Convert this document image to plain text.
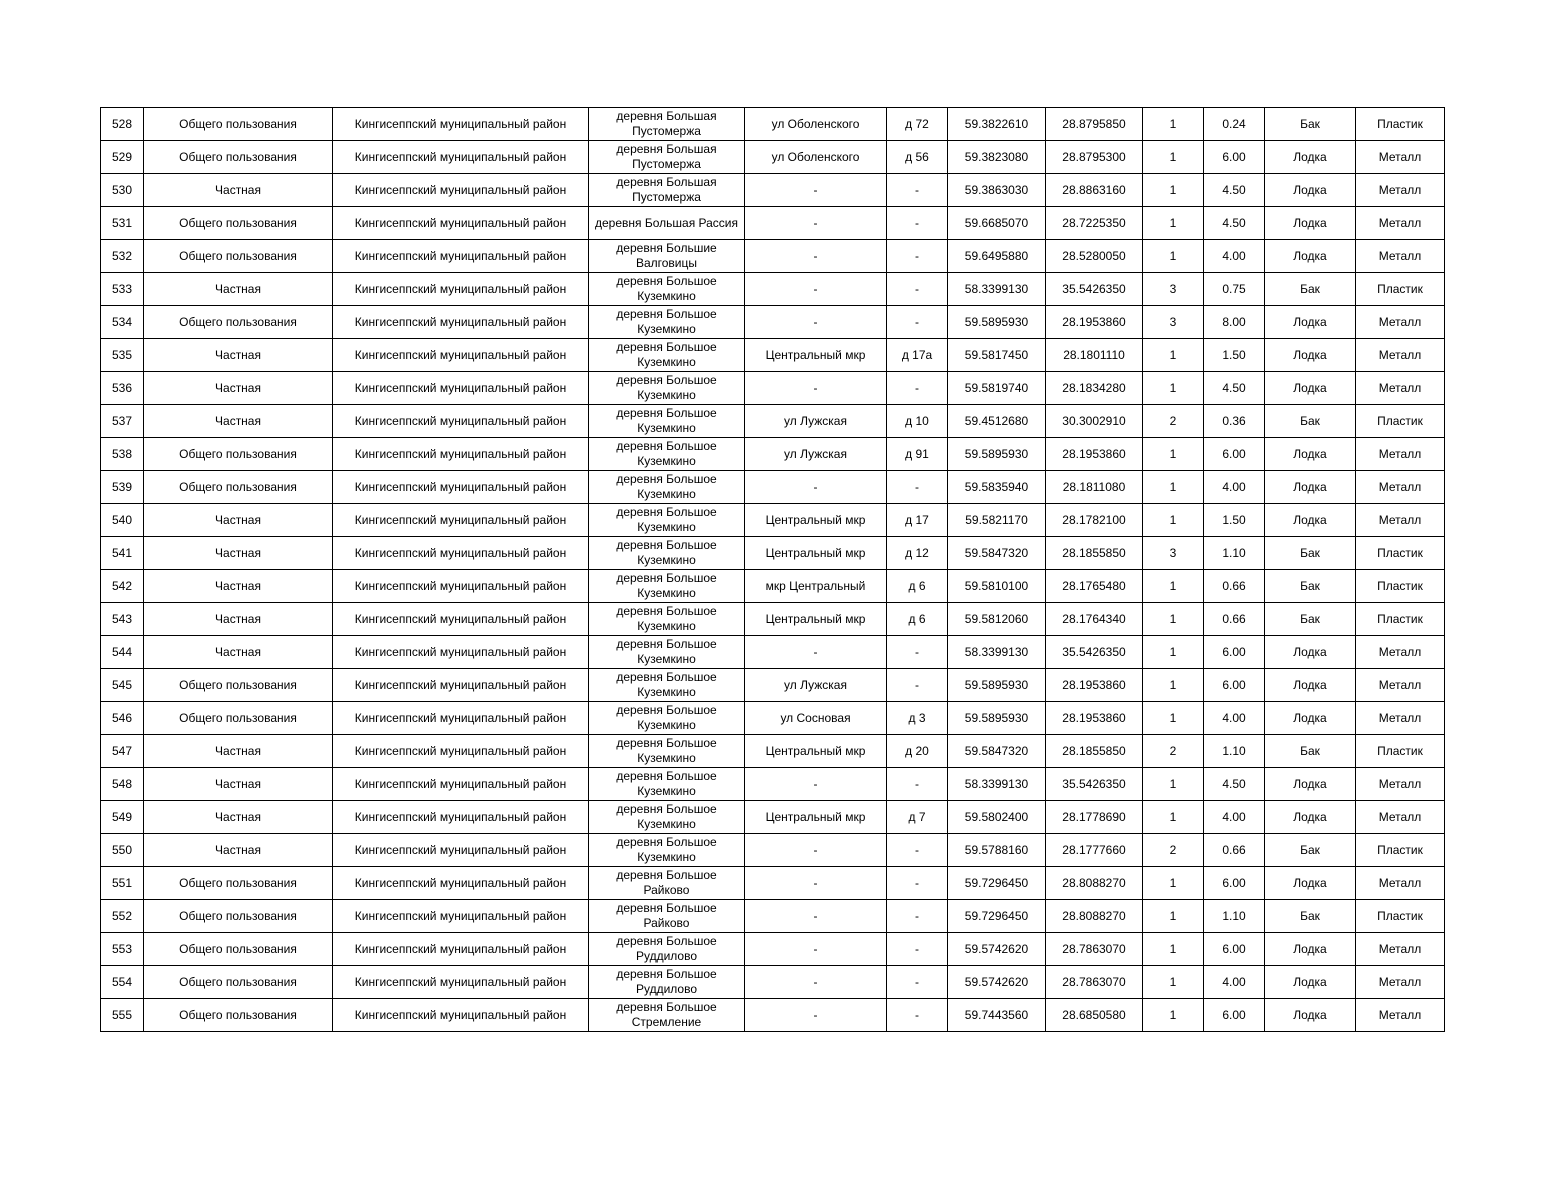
528	Общего пользования	Кингисеппский муниципальный район	деревня Большая Пустомержа	ул Оболенского	д 72	59.3822610	28.8795850	1	0.24	Бак	Пластик
529	Общего пользования	Кингисеппский муниципальный район	деревня Большая Пустомержа	ул Оболенского	д 56	59.3823080	28.8795300	1	6.00	Лодка	Металл
530	Частная	Кингисеппский муниципальный район	деревня Большая Пустомержа	-	-	59.3863030	28.8863160	1	4.50	Лодка	Металл
531	Общего пользования	Кингисеппский муниципальный район	деревня Большая Рассия	-	-	59.6685070	28.7225350	1	4.50	Лодка	Металл
532	Общего пользования	Кингисеппский муниципальный район	деревня Большие Валговицы	-	-	59.6495880	28.5280050	1	4.00	Лодка	Металл
533	Частная	Кингисеппский муниципальный район	деревня Большое Куземкино	-	-	58.3399130	35.5426350	3	0.75	Бак	Пластик
534	Общего пользования	Кингисеппский муниципальный район	деревня Большое Куземкино	-	-	59.5895930	28.1953860	3	8.00	Лодка	Металл
535	Частная	Кингисеппский муниципальный район	деревня Большое Куземкино	Центральный мкр	д 17а	59.5817450	28.1801110	1	1.50	Лодка	Металл
536	Частная	Кингисеппский муниципальный район	деревня Большое Куземкино	-	-	59.5819740	28.1834280	1	4.50	Лодка	Металл
537	Частная	Кингисеппский муниципальный район	деревня Большое Куземкино	ул Лужская	д 10	59.4512680	30.3002910	2	0.36	Бак	Пластик
538	Общего пользования	Кингисеппский муниципальный район	деревня Большое Куземкино	ул Лужская	д 91	59.5895930	28.1953860	1	6.00	Лодка	Металл
539	Общего пользования	Кингисеппский муниципальный район	деревня Большое Куземкино	-	-	59.5835940	28.1811080	1	4.00	Лодка	Металл
540	Частная	Кингисеппский муниципальный район	деревня Большое Куземкино	Центральный мкр	д 17	59.5821170	28.1782100	1	1.50	Лодка	Металл
541	Частная	Кингисеппский муниципальный район	деревня Большое Куземкино	Центральный мкр	д 12	59.5847320	28.1855850	3	1.10	Бак	Пластик
542	Частная	Кингисеппский муниципальный район	деревня Большое Куземкино	мкр Центральный	д 6	59.5810100	28.1765480	1	0.66	Бак	Пластик
543	Частная	Кингисеппский муниципальный район	деревня Большое Куземкино	Центральный мкр	д 6	59.5812060	28.1764340	1	0.66	Бак	Пластик
544	Частная	Кингисеппский муниципальный район	деревня Большое Куземкино	-	-	58.3399130	35.5426350	1	6.00	Лодка	Металл
545	Общего пользования	Кингисеппский муниципальный район	деревня Большое Куземкино	ул Лужская	-	59.5895930	28.1953860	1	6.00	Лодка	Металл
546	Общего пользования	Кингисеппский муниципальный район	деревня Большое Куземкино	ул Сосновая	д 3	59.5895930	28.1953860	1	4.00	Лодка	Металл
547	Частная	Кингисеппский муниципальный район	деревня Большое Куземкино	Центральный мкр	д 20	59.5847320	28.1855850	2	1.10	Бак	Пластик
548	Частная	Кингисеппский муниципальный район	деревня Большое Куземкино	-	-	58.3399130	35.5426350	1	4.50	Лодка	Металл
549	Частная	Кингисеппский муниципальный район	деревня Большое Куземкино	Центральный мкр	д 7	59.5802400	28.1778690	1	4.00	Лодка	Металл
550	Частная	Кингисеппский муниципальный район	деревня Большое Куземкино	-	-	59.5788160	28.1777660	2	0.66	Бак	Пластик
551	Общего пользования	Кингисеппский муниципальный район	деревня Большое Райково	-	-	59.7296450	28.8088270	1	6.00	Лодка	Металл
552	Общего пользования	Кингисеппский муниципальный район	деревня Большое Райково	-	-	59.7296450	28.8088270	1	1.10	Бак	Пластик
553	Общего пользования	Кингисеппский муниципальный район	деревня Большое Руддилово	-	-	59.5742620	28.7863070	1	6.00	Лодка	Металл
554	Общего пользования	Кингисеппский муниципальный район	деревня Большое Руддилово	-	-	59.5742620	28.7863070	1	4.00	Лодка	Металл
555	Общего пользования	Кингисеппский муниципальный район	деревня Большое Стремление	-	-	59.7443560	28.6850580	1	6.00	Лодка	Металл
